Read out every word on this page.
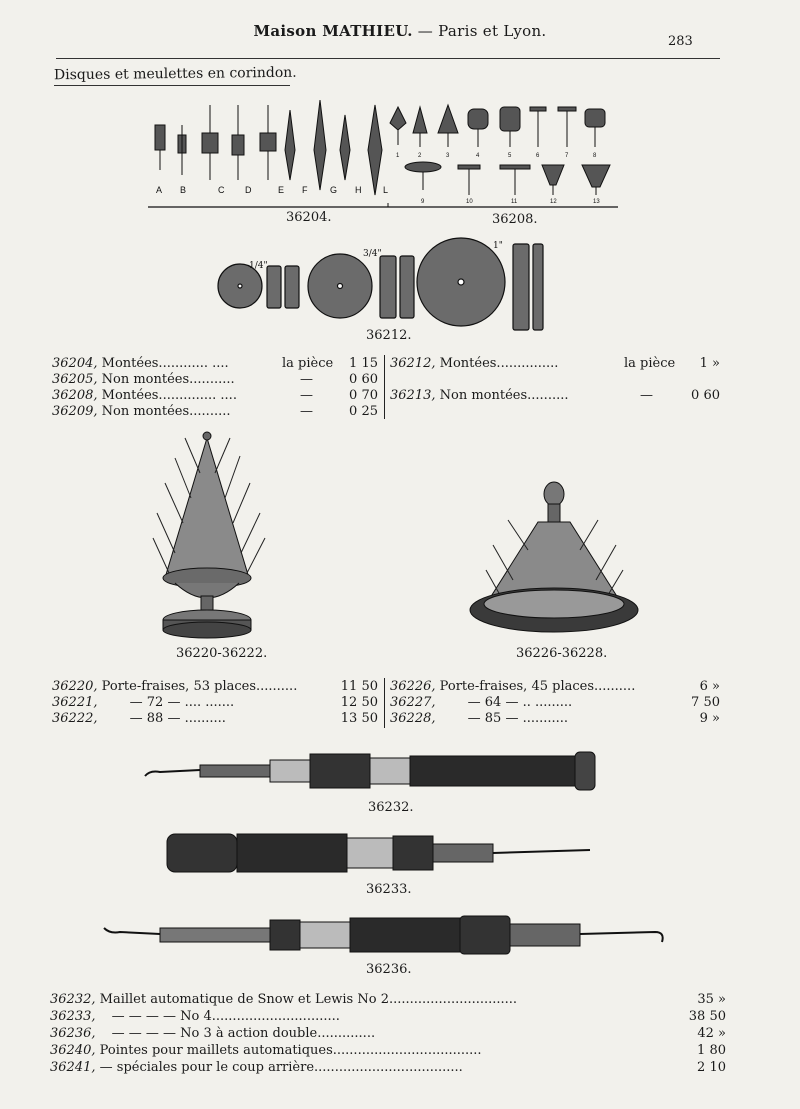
Maison MATHIEU. — Paris et Lyon.
283
Disques et meulettes en corindon.
A B	C D	E F	G H L
1	2	3	4	5	6	7	8
9	10	11	12	13
36204.	36208.
1/4"
3/4"
1"
36212.
36204, Montées............ ....	la pièce	1 15
36205, Non montées...........	—	0 60
36208, Montées.............. ....	—	0 70
36209, Non montées..........	—	0 25
36212, Montées...............	la pièce	1 »
36213, Non montées..........	—	0 60
36220-36222.	36226-36228.
36220, Porte-fraises, 53 places..........	11 50
36221, — 72 — .... .......	12 50
36222, — 88 — ..........	13 50
36226, Porte-fraises, 45 places..........	6 »
36227, — 64 — .. .........	7 50
36228, — 85 — ...........	9 »
36232.
36233.
36236.
36232, Maillet automatique de Snow et Lewis No 2...............................	35 »
36233, — — — — No 4...............................	38 50
36236, — — — — No 3 à action double..............	42 »
36240, Pointes pour maillets automatiques....................................	1 80
36241, — spéciales pour le coup arrière....................................	2 10
